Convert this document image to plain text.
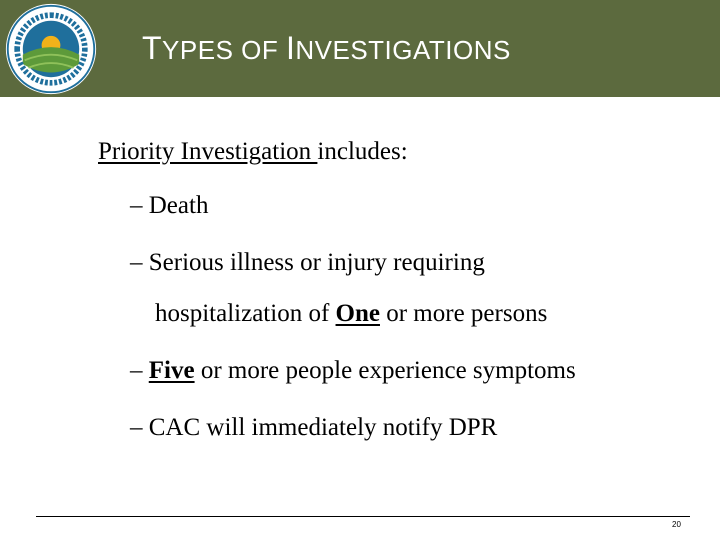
TYPES OF INVESTIGATIONS
Priority Investigation includes:
– Death
– Serious illness or injury requiring
hospitalization of One or more persons
– Five or more people experience symptoms
– CAC will immediately notify DPR
20
